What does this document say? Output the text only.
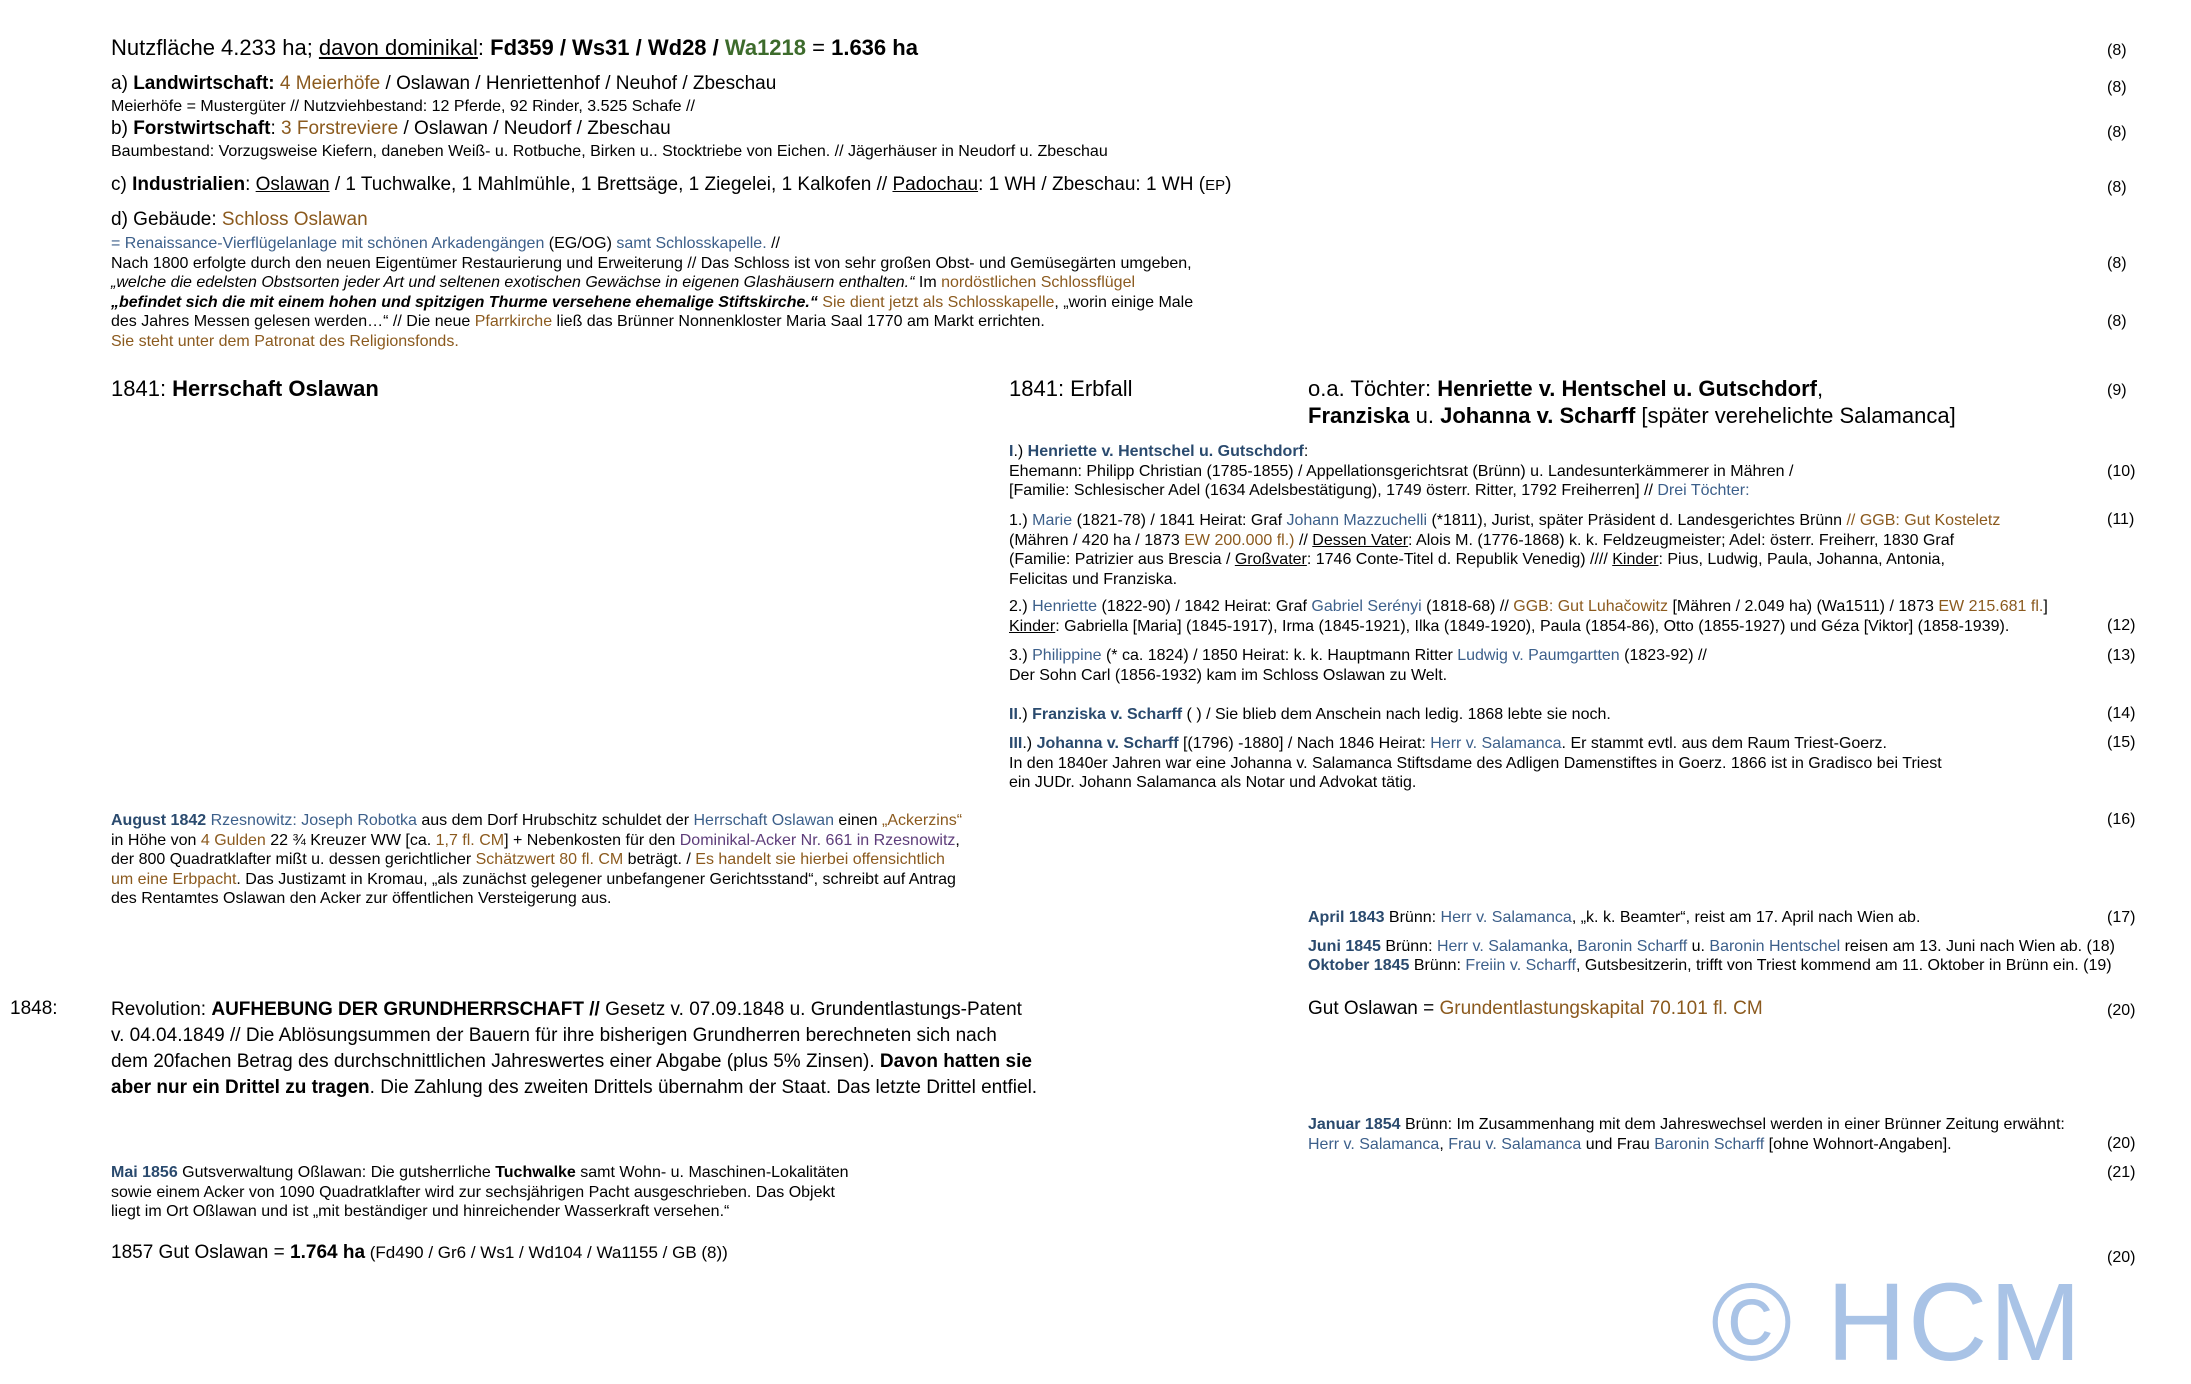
Nutzfläche 4.233 ha; davon dominikal: Fd359 / Ws31 / Wd28 / Wa1218 = 1.636 ha
a) Landwirtschaft: 4 Meierhöfe / Oslawan / Henriettenhof / Neuhof / Zbeschau
Meierhöfe = Mustergüter // Nutzviehbestand: 12 Pferde, 92 Rinder, 3.525 Schafe //
b) Forstwirtschaft: 3 Forstreviere / Oslawan / Neudorf / Zbeschau
Baumbestand: Vorzugsweise Kiefern, daneben Weiß- u. Rotbuche, Birken u.. Stocktriebe von Eichen. // Jägerhäuser in Neudorf u. Zbeschau
c) Industrialien: Oslawan / 1 Tuchwalke, 1 Mahlmühle, 1 Brettsäge, 1 Ziegelei, 1 Kalkofen // Padochau: 1 WH / Zbeschau: 1 WH (EP)
d) Gebäude: Schloss Oslawan
= Renaissance-Vierflügelanlage mit schönen Arkadengängen (EG/OG) samt Schlosskapelle. //
Nach 1800 erfolgte durch den neuen Eigentümer Restaurierung und Erweiterung // Das Schloss ist von sehr großen Obst- und Gemüsegärten umgeben,
„welche die edelsten Obstsorten jeder Art und seltenen exotischen Gewächse in eigenen Glashäusern enthalten.“ Im nordöstlichen Schlossflügel
„befindet sich die mit einem hohen und spitzigen Thurme versehene ehemalige Stiftskirche.“ Sie dient jetzt als Schlosskapelle, „worin einige Male
des Jahres Messen gelesen werden…“ // Die neue Pfarrkirche ließ das Brünner Nonnenkloster Maria Saal 1770 am Markt errichten.
Sie steht unter dem Patronat des Religionsfonds.
1841: Herrschaft Oslawan	1841: Erbfall	o.a. Töchter: Henriette v. Hentschel u. Gutschdorf,
Franziska u. Johanna v. Scharff [später verehelichte Salamanca]
I.) Henriette v. Hentschel u. Gutschdorf:
Ehemann: Philipp Christian (1785-1855) / Appellationsgerichtsrat (Brünn) u. Landesunterkämmerer in Mähren /
[Familie: Schlesischer Adel (1634 Adelsbestätigung), 1749 österr. Ritter, 1792 Freiherren] // Drei Töchter:
1.) Marie (1821-78) / 1841 Heirat: Graf Johann Mazzuchelli (*1811), Jurist, später Präsident d. Landesgerichtes Brünn // GGB: Gut Kosteletz
(Mähren / 420 ha / 1873 EW 200.000 fl.) // Dessen Vater: Alois M. (1776-1868) k. k. Feldzeugmeister; Adel: österr. Freiherr, 1830 Graf
(Familie: Patrizier aus Brescia / Großvater: 1746 Conte-Titel d. Republik Venedig) //// Kinder: Pius, Ludwig, Paula, Johanna, Antonia,
Felicitas und Franziska.
2.) Henriette (1822-90) / 1842 Heirat: Graf Gabriel Serényi (1818-68) // GGB: Gut Luhačowitz [Mähren / 2.049 ha) (Wa1511) / 1873 EW 215.681 fl.]
Kinder: Gabriella [Maria] (1845-1917), Irma (1845-1921), Ilka (1849-1920), Paula (1854-86), Otto (1855-1927) und Géza [Viktor] (1858-1939).
3.) Philippine (* ca. 1824) / 1850 Heirat: k. k. Hauptmann Ritter Ludwig v. Paumgartten (1823-92) //
Der Sohn Carl (1856-1932) kam im Schloss Oslawan zu Welt.
II.) Franziska v. Scharff ( ) / Sie blieb dem Anschein nach ledig. 1868 lebte sie noch.
III.) Johanna v. Scharff [(1796) -1880] / Nach 1846 Heirat: Herr v. Salamanca. Er stammt evtl. aus dem Raum Triest-Goerz.
In den 1840er Jahren war eine Johanna v. Salamanca Stiftsdame des Adligen Damenstiftes in Goerz. 1866 ist in Gradisco bei Triest
ein JUDr. Johann Salamanca als Notar und Advokat tätig.
August 1842 Rzesnowitz: Joseph Robotka aus dem Dorf Hrubschitz schuldet der Herrschaft Oslawan einen „Ackerzins“
in Höhe von 4 Gulden 22 ¾ Kreuzer WW [ca. 1,7 fl. CM] + Nebenkosten für den Dominikal-Acker Nr. 661 in Rzesnowitz,
der 800 Quadratklafter mißt u. dessen gerichtlicher Schätzwert 80 fl. CM beträgt. / Es handelt sie hierbei offensichtlich
um eine Erbpacht. Das Justizamt in Kromau, „als zunächst gelegener unbefangener Gerichtsstand“, schreibt auf Antrag
des Rentamtes Oslawan den Acker zur öffentlichen Versteigerung aus.
April 1843 Brünn: Herr v. Salamanca, „k. k. Beamter“, reist am 17. April nach Wien ab.
Juni 1845 Brünn: Herr v. Salamanka, Baronin Scharff u. Baronin Hentschel reisen am 13. Juni nach Wien ab. (18)
Oktober 1845 Brünn: Freiin v. Scharff, Gutsbesitzerin, trifft von Triest kommend am 11. Oktober in Brünn ein. (19)
1848:	Revolution: AUFHEBUNG DER GRUNDHERRSCHAFT // Gesetz v. 07.09.1848 u. Grundentlastungs-Patent
v. 04.04.1849 // Die Ablösungsummen der Bauern für ihre bisherigen Grundherren berechneten sich nach
dem 20fachen Betrag des durchschnittlichen Jahreswertes einer Abgabe (plus 5% Zinsen). Davon hatten sie
aber nur ein Drittel zu tragen. Die Zahlung des zweiten Drittels übernahm der Staat. Das letzte Drittel entfiel.
Gut Oslawan = Grundentlastungskapital 70.101 fl. CM
Januar 1854 Brünn: Im Zusammenhang mit dem Jahreswechsel werden in einer Brünner Zeitung erwähnt:
Herr v. Salamanca, Frau v. Salamanca und Frau Baronin Scharff [ohne Wohnort-Angaben].
Mai 1856 Gutsverwaltung Oßlawan: Die gutsherrliche Tuchwalke samt Wohn- u. Maschinen-Lokalitäten
sowie einem Acker von 1090 Quadratklafter wird zur sechsjährigen Pacht ausgeschrieben. Das Objekt
liegt im Ort Oßlawan und ist „mit beständiger und hinreichender Wasserkraft versehen.“
1857 Gut Oslawan = 1.764 ha (Fd490 / Gr6 / Ws1 / Wd104 / Wa1155 / GB (8))
(8)
(8)
(8)
(8)
(8)
(8)
(9)
(10)
(11)
(12)
(13)
(14)
(15)
(16)
(17)
(20)
(20)
(21)
(20)
© HCM
